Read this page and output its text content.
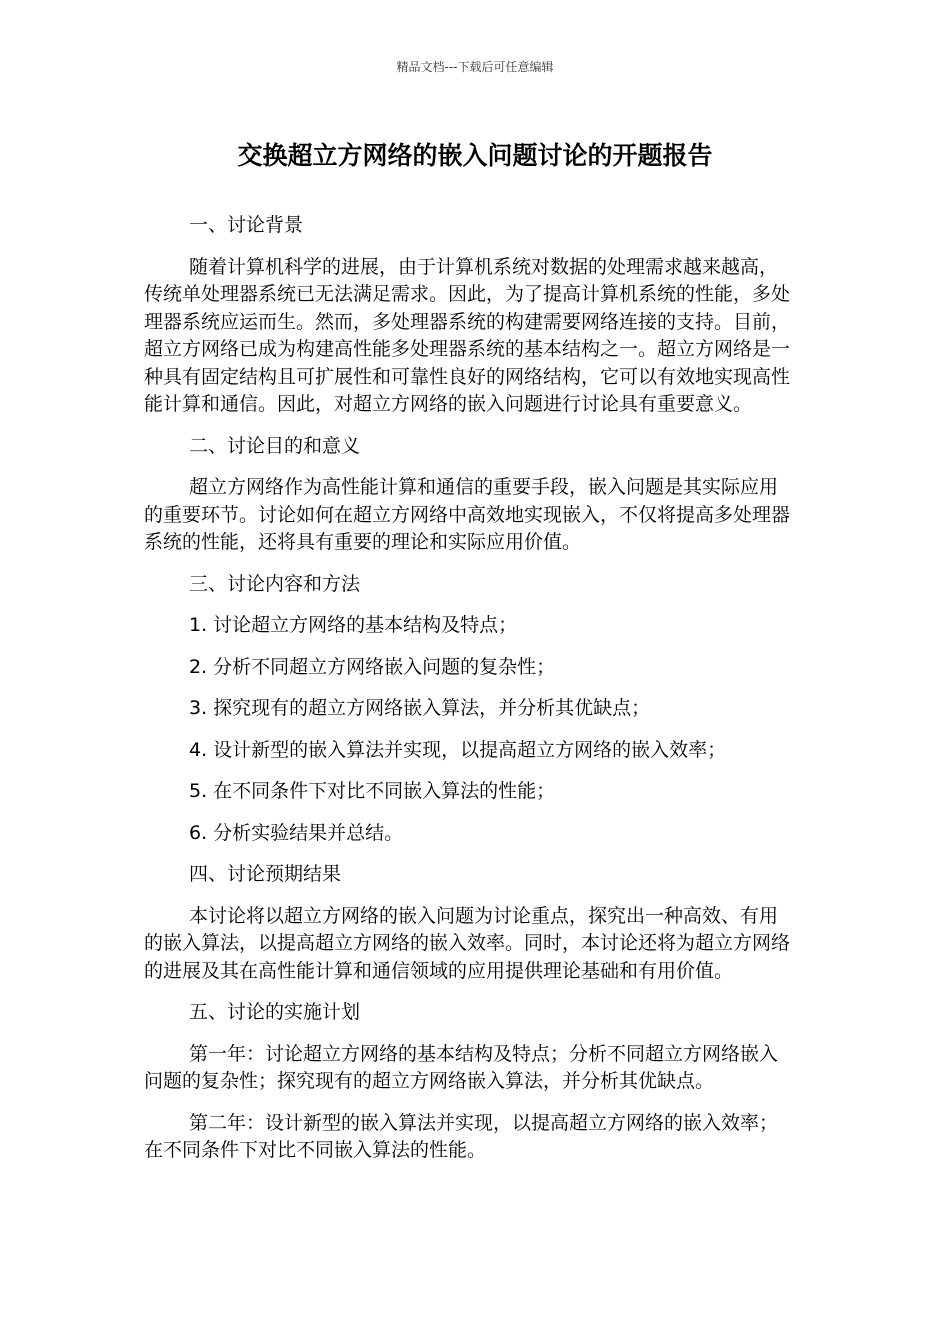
精品文档---下载后可任意编辑
交换超立方网络的嵌入问题讨论的开题报告

一、讨论背景

随着计算机科学的进展，由于计算机系统对数据的处理需求越来越高，传统单处理器系统已无法满足需求。因此，为了提高计算机系统的性能，多处理器系统应运而生。然而，多处理器系统的构建需要网络连接的支持。目前，超立方网络已成为构建高性能多处理器系统的基本结构之一。超立方网络是一种具有固定结构且可扩展性和可靠性良好的网络结构，它可以有效地实现高性能计算和通信。因此，对超立方网络的嵌入问题进行讨论具有重要意义。

二、讨论目的和意义

超立方网络作为高性能计算和通信的重要手段，嵌入问题是其实际应用的重要环节。讨论如何在超立方网络中高效地实现嵌入，不仅将提高多处理器系统的性能，还将具有重要的理论和实际应用价值。

三、讨论内容和方法

1. 讨论超立方网络的基本结构及特点；

2. 分析不同超立方网络嵌入问题的复杂性；

3. 探究现有的超立方网络嵌入算法，并分析其优缺点；

4. 设计新型的嵌入算法并实现，以提高超立方网络的嵌入效率；

5. 在不同条件下对比不同嵌入算法的性能；

6. 分析实验结果并总结。

四、讨论预期结果

本讨论将以超立方网络的嵌入问题为讨论重点，探究出一种高效、有用的嵌入算法，以提高超立方网络的嵌入效率。同时，本讨论还将为超立方网络的进展及其在高性能计算和通信领域的应用提供理论基础和有用价值。

五、讨论的实施计划

第一年：讨论超立方网络的基本结构及特点；分析不同超立方网络嵌入问题的复杂性；探究现有的超立方网络嵌入算法，并分析其优缺点。

第二年：设计新型的嵌入算法并实现，以提高超立方网络的嵌入效率；在不同条件下对比不同嵌入算法的性能。
